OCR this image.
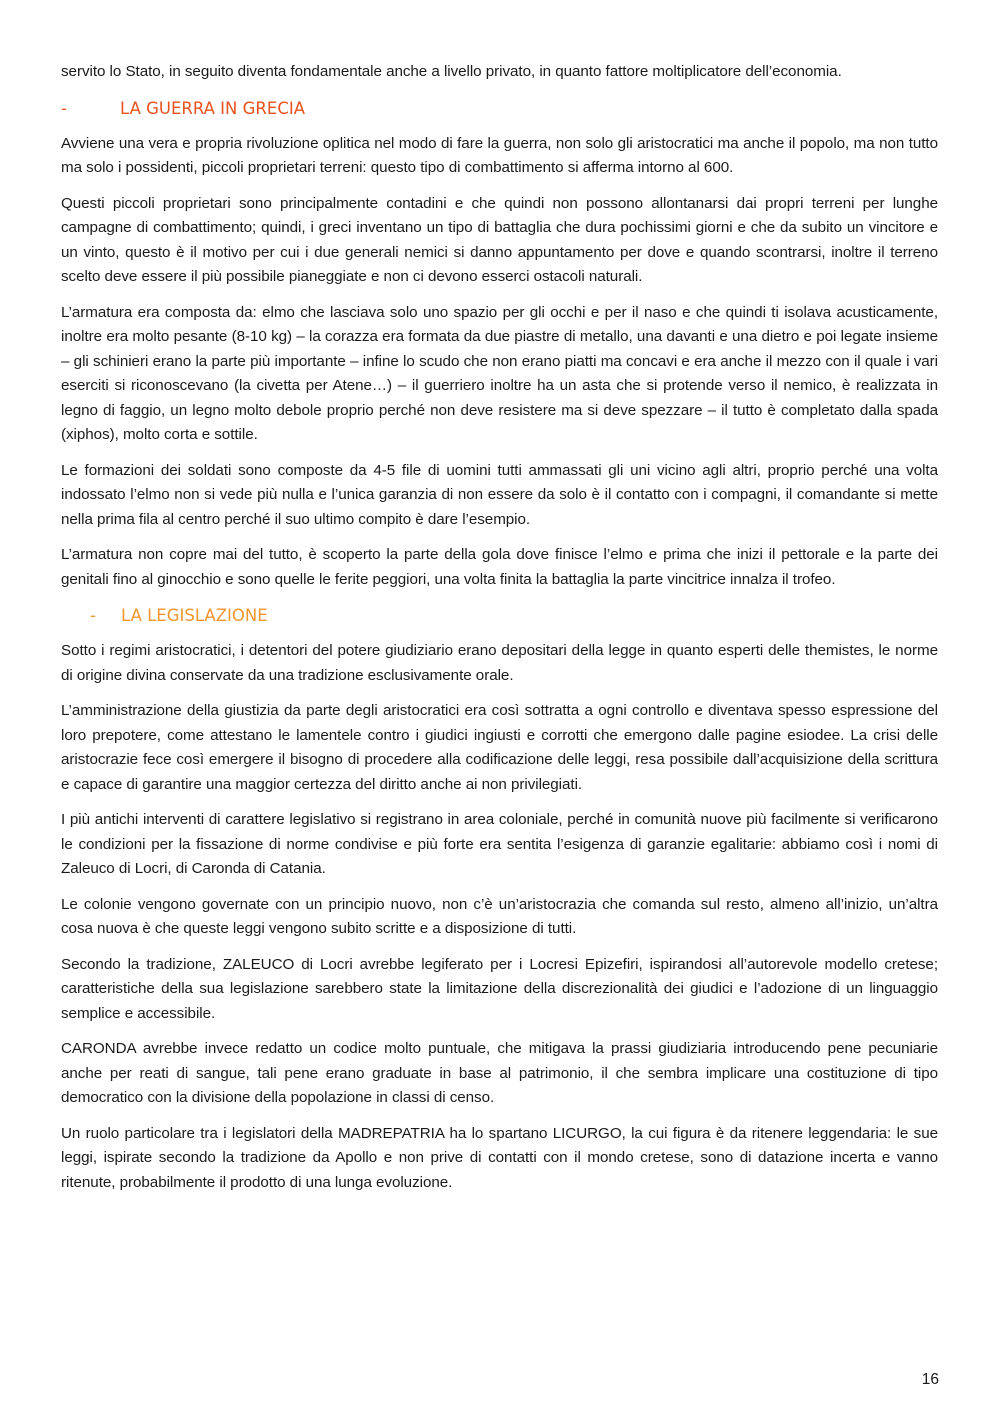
servito lo Stato, in seguito diventa fondamentale anche a livello privato, in quanto fattore moltiplicatore dell’economia.

-	LA GUERRA IN GRECIA

Avviene una vera e propria rivoluzione oplitica nel modo di fare la guerra, non solo gli aristocratici ma anche il popolo, ma non tutto ma solo i possidenti, piccoli proprietari terreni: questo tipo di combattimento si afferma intorno al 600.

Questi piccoli proprietari sono principalmente contadini e che quindi non possono allontanarsi dai propri terreni per lunghe campagne di combattimento; quindi, i greci inventano un tipo di battaglia che dura pochissimi giorni e che da subito un vincitore e un vinto, questo è il motivo per cui i due generali nemici si danno appuntamento per dove e quando scontrarsi, inoltre il terreno scelto deve essere il più possibile pianeggiate e non ci devono esserci ostacoli naturali.

L’armatura era composta da: elmo che lasciava solo uno spazio per gli occhi e per il naso e che quindi ti isolava acusticamente, inoltre era molto pesante (8-10 kg) – la corazza era formata da due piastre di metallo, una davanti e una dietro e poi legate insieme – gli schinieri erano la parte più importante – infine lo scudo che non erano piatti ma concavi e era anche il mezzo con il quale i vari eserciti si riconoscevano (la civetta per Atene…) – il guerriero inoltre ha un asta che si protende verso il nemico, è realizzata in legno di faggio, un legno molto debole proprio perché non deve resistere ma si deve spezzare – il tutto è completato dalla spada (xiphos), molto corta e sottile.

Le formazioni dei soldati sono composte da 4-5 file di uomini tutti ammassati gli uni vicino agli altri, proprio perché una volta indossato l’elmo non si vede più nulla e l’unica garanzia di non essere da solo è il contatto con i compagni, il comandante si mette nella prima fila al centro perché il suo ultimo compito è dare l’esempio.

L’armatura non copre mai del tutto, è scoperto la parte della gola dove finisce l’elmo e prima che inizi il pettorale e la parte dei genitali fino al ginocchio e sono quelle le ferite peggiori, una volta finita la battaglia la parte vincitrice innalza il trofeo.

-	LA LEGISLAZIONE

Sotto i regimi aristocratici, i detentori del potere giudiziario erano depositari della legge in quanto esperti delle themistes, le norme di origine divina conservate da una tradizione esclusivamente orale.

L’amministrazione della giustizia da parte degli aristocratici era così sottratta a ogni controllo e diventava spesso espressione del loro prepotere, come attestano le lamentele contro i giudici ingiusti e corrotti che emergono dalle pagine esiodee. La crisi delle aristocrazie fece così emergere il bisogno di procedere alla codificazione delle leggi, resa possibile dall’acquisizione della scrittura e capace di garantire una maggior certezza del diritto anche ai non privilegiati.

I più antichi interventi di carattere legislativo si registrano in area coloniale, perché in comunità nuove più facilmente si verificarono le condizioni per la fissazione di norme condivise e più forte era sentita l’esigenza di garanzie egalitarie: abbiamo così i nomi di Zaleuco di Locri, di Caronda di Catania.

Le colonie vengono governate con un principio nuovo, non c’è un’aristocrazia che comanda sul resto, almeno all’inizio, un’altra cosa nuova è che queste leggi vengono subito scritte e a disposizione di tutti.

Secondo la tradizione, ZALEUCO di Locri avrebbe legiferato per i Locresi Epizefiri, ispirandosi all’autorevole modello cretese; caratteristiche della sua legislazione sarebbero state la limitazione della discrezionalità dei giudici e l’adozione di un linguaggio semplice e accessibile.

CARONDA avrebbe invece redatto un codice molto puntuale, che mitigava la prassi giudiziaria introducendo pene pecuniarie anche per reati di sangue, tali pene erano graduate in base al patrimonio, il che sembra implicare una costituzione di tipo democratico con la divisione della popolazione in classi di censo.

Un ruolo particolare tra i legislatori della MADREPATRIA ha lo spartano LICURGO, la cui figura è da ritenere leggendaria: le sue leggi, ispirate secondo la tradizione da Apollo e non prive di contatti con il mondo cretese, sono di datazione incerta e vanno ritenute, probabilmente il prodotto di una lunga evoluzione.

16
